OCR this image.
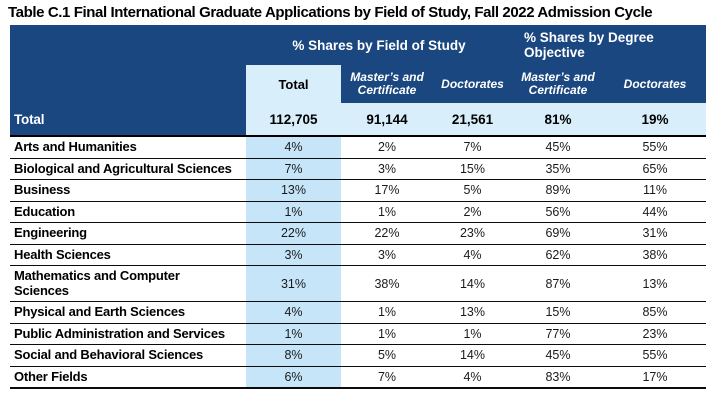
Table C.1 Final International Graduate Applications by Field of Study, Fall 2022 Admission Cycle
	% Shares by Field of Study			% Shares by Degree Objective	
	Total	Master’s and Certificate	Doctorates	Master’s and Certificate	Doctorates
Total	112,705	91,144	21,561	81%	19%
Arts and Humanities	4%	2%	7%	45%	55%
Biological and Agricultural Sciences	7%	3%	15%	35%	65%
Business	13%	17%	5%	89%	11%
Education	1%	1%	2%	56%	44%
Engineering	22%	22%	23%	69%	31%
Health Sciences	3%	3%	4%	62%	38%
Mathematics and Computer Sciences	31%	38%	14%	87%	13%
Physical and Earth Sciences	4%	1%	13%	15%	85%
Public Administration and Services	1%	1%	1%	77%	23%
Social and Behavioral Sciences	8%	5%	14%	45%	55%
Other Fields	6%	7%	4%	83%	17%
